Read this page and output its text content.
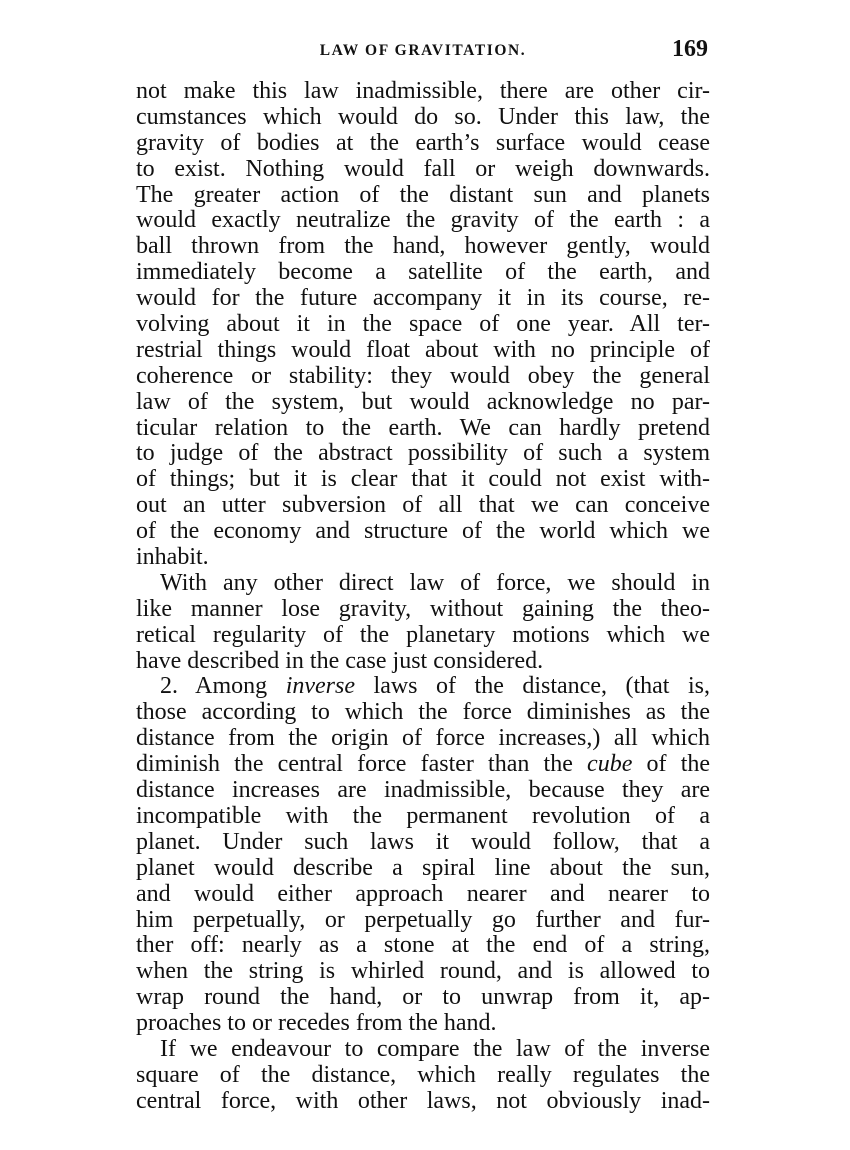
LAW OF GRAVITATION.	169
not make this law inadmissible, there are other cir-
cumstances which would do so. Under this law, the
gravity of bodies at the earth’s surface would cease
to exist. Nothing would fall or weigh downwards.
The greater action of the distant sun and planets
would exactly neutralize the gravity of the earth : a
ball thrown from the hand, however gently, would
immediately become a satellite of the earth, and
would for the future accompany it in its course, re-
volving about it in the space of one year. All ter-
restrial things would float about with no principle of
coherence or stability: they would obey the general
law of the system, but would acknowledge no par-
ticular relation to the earth. We can hardly pretend
to judge of the abstract possibility of such a system
of things; but it is clear that it could not exist with-
out an utter subversion of all that we can conceive
of the economy and structure of the world which we
inhabit.
With any other direct law of force, we should in
like manner lose gravity, without gaining the theo-
retical regularity of the planetary motions which we
have described in the case just considered.
2. Among inverse laws of the distance, (that is,
those according to which the force diminishes as the
distance from the origin of force increases,) all which
diminish the central force faster than the cube of the
distance increases are inadmissible, because they are
incompatible with the permanent revolution of a
planet. Under such laws it would follow, that a
planet would describe a spiral line about the sun,
and would either approach nearer and nearer to
him perpetually, or perpetually go further and fur-
ther off: nearly as a stone at the end of a string,
when the string is whirled round, and is allowed to
wrap round the hand, or to unwrap from it, ap-
proaches to or recedes from the hand.
If we endeavour to compare the law of the inverse
square of the distance, which really regulates the
central force, with other laws, not obviously inad-
